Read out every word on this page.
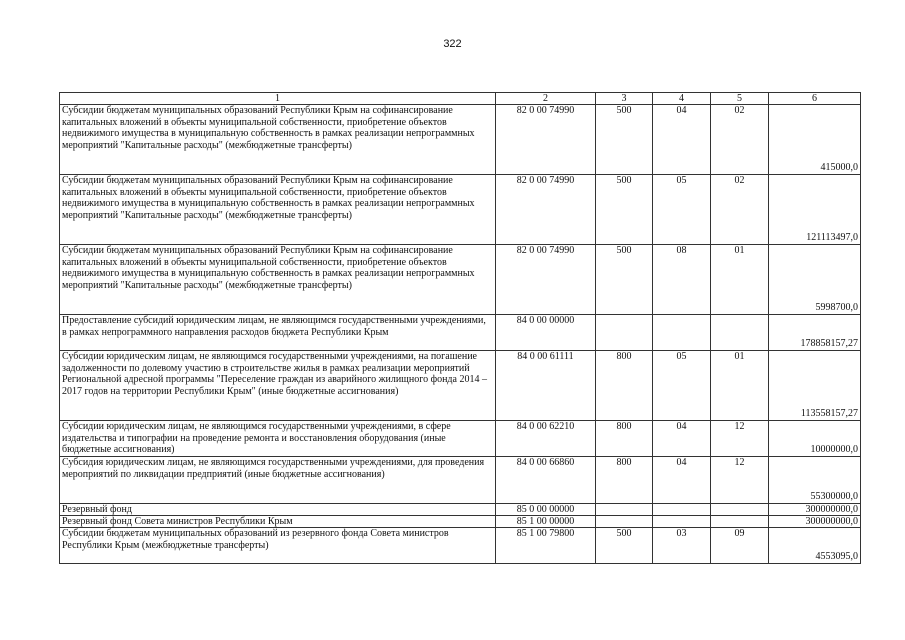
322
1	2	3	4	5	6
Субсидии бюджетам муниципальных образований Республики Крым на софинансирование капитальных вложений в объекты муниципальной собственности, приобретение объектов недвижимого имущества в муниципальную собственность в рамках реализации непрограммных мероприятий "Капитальные расходы" (межбюджетные трансферты)	82 0 00 74990	500	04	02	415000,0
Субсидии бюджетам муниципальных образований Республики Крым на софинансирование капитальных вложений в объекты муниципальной собственности, приобретение объектов недвижимого имущества в муниципальную собственность в рамках реализации непрограммных мероприятий "Капитальные расходы" (межбюджетные трансферты)	82 0 00 74990	500	05	02	121113497,0
Субсидии бюджетам муниципальных образований Республики Крым на софинансирование капитальных вложений в объекты муниципальной собственности, приобретение объектов недвижимого имущества в муниципальную собственность в рамках реализации непрограммных мероприятий "Капитальные расходы" (межбюджетные трансферты)	82 0 00 74990	500	08	01	5998700,0
Предоставление субсидий юридическим лицам, не являющимся государственными учреждениями, в рамках непрограммного направления расходов бюджета Республики Крым	84 0 00 00000				178858157,27
Субсидии юридическим лицам, не являющимся государственными учреждениями, на погашение задолженности по долевому участию в строительстве жилья в рамках реализации мероприятий Региональной адресной программы "Переселение граждан из аварийного жилищного фонда 2014 –2017 годов на территории Республики Крым" (иные бюджетные ассигнования)	84 0 00 61111	800	05	01	113558157,27
Субсидии юридическим лицам, не являющимся государственными учреждениями, в сфере издательства и типографии на проведение ремонта и восстановления оборудования (иные бюджетные ассигнования)	84 0 00 62210	800	04	12	10000000,0
Субсидия юридическим лицам, не являющимся государственными учреждениями, для проведения мероприятий по ликвидации предприятий (иные бюджетные ассигнования)	84 0 00 66860	800	04	12	55300000,0
Резервный фонд	85 0 00 00000				300000000,0
Резервный фонд Совета министров Республики Крым	85 1 00 00000				300000000,0
Субсидии бюджетам муниципальных образований из резервного фонда Совета министров Республики Крым (межбюджетные трансферты)	85 1 00 79800	500	03	09	4553095,0
